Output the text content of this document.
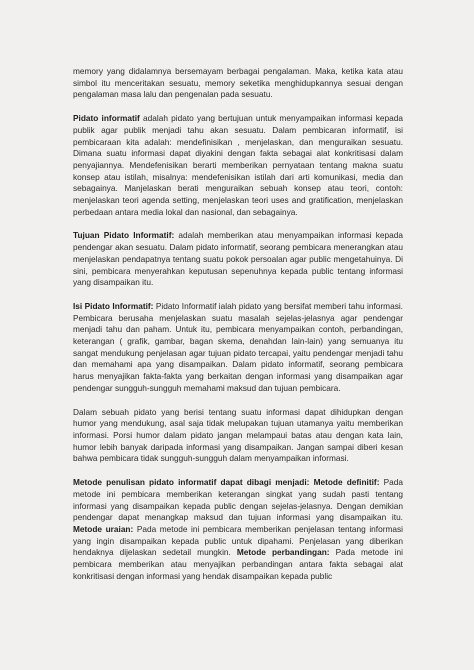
memory yang didalamnya bersemayam berbagai pengalaman. Maka, ketika kata atau simbol itu menceritakan sesuatu, memory seketika menghidupkannya sesuai dengan pengalaman masa lalu dan pengenalan pada sesuatu.

Pidato informatif adalah pidato yang bertujuan untuk menyampaikan informasi kepada publik agar publik menjadi tahu akan sesuatu. Dalam pembicaran informatif, isi pembicaraan kita adalah: mendefinisikan , menjelaskan, dan menguraikan sesuatu. Dimana suatu informasi dapat diyakini dengan fakta sebagai alat konkritisasi dalam penyajiannya. Mendefenisikan berarti memberikan pernyataan tentang makna suatu konsep atau istilah, misalnya: mendefenisikan istilah dari arti komunikasi, media dan sebagainya. Manjelaskan berati menguraikan sebuah konsep atau teori, contoh: menjelaskan teori agenda setting, menjelaskan teori uses and gratification, menjelaskan perbedaan antara media lokal dan nasional, dan sebagainya.

Tujuan Pidato Informatif: adalah memberikan atau menyampaikan informasi kepada pendengar akan sesuatu. Dalam pidato informatif, seorang pembicara menerangkan atau menjelaskan pendapatnya tentang suatu pokok persoalan agar public mengetahuinya. Di sini, pembicara menyerahkan keputusan sepenuhnya kepada public tentang informasi yang disampaikan itu.

Isi Pidato Informatif: Pidato Informatif ialah pidato yang bersifat memberi tahu informasi. Pembicara berusaha menjelaskan suatu masalah sejelas-jelasnya agar pendengar menjadi tahu dan paham. Untuk itu, pembicara menyampaikan contoh, perbandingan, keterangan ( grafik, gambar, bagan skema, denahdan lain-lain) yang semuanya itu sangat mendukung penjelasan agar tujuan pidato tercapai, yaitu pendengar menjadi tahu dan memahami apa yang disampaikan. Dalam pidato informatif, seorang pembicara harus menyajikan fakta-fakta yang berkaitan dengan informasi yang disampaikan agar pendengar sungguh-sungguh memahami maksud dan tujuan pembicara.

Dalam sebuah pidato yang berisi tentang suatu informasi dapat dihidupkan dengan humor yang mendukung, asal saja tidak melupakan tujuan utamanya yaitu memberikan informasi. Porsi humor dalam pidato jangan melampaui batas atau dengan kata lain, humor lebih banyak daripada informasi yang disampaikan. Jangan sampai diberi kesan bahwa pembicara tidak sungguh-sungguh dalam menyampaikan informasi.

Metode penulisan pidato informatif dapat dibagi menjadi: Metode definitif: Pada metode ini pembicara memberikan keterangan singkat yang sudah pasti tentang informasi yang disampaikan kepada public dengan sejelas-jelasnya. Dengan demikian pendengar dapat menangkap maksud dan tujuan informasi yang disampaikan itu. Metode uraian: Pada metode ini pembicara memberikan penjelasan tentang informasi yang ingin disampaikan kepada public untuk dipahami. Penjelasan yang diberikan hendaknya dijelaskan sedetail mungkin. Metode perbandingan: Pada metode ini pembicara memberikan atau menyajikan perbandingan antara fakta sebagai alat konkritisasi dengan informasi yang hendak disampaikan kepada public
